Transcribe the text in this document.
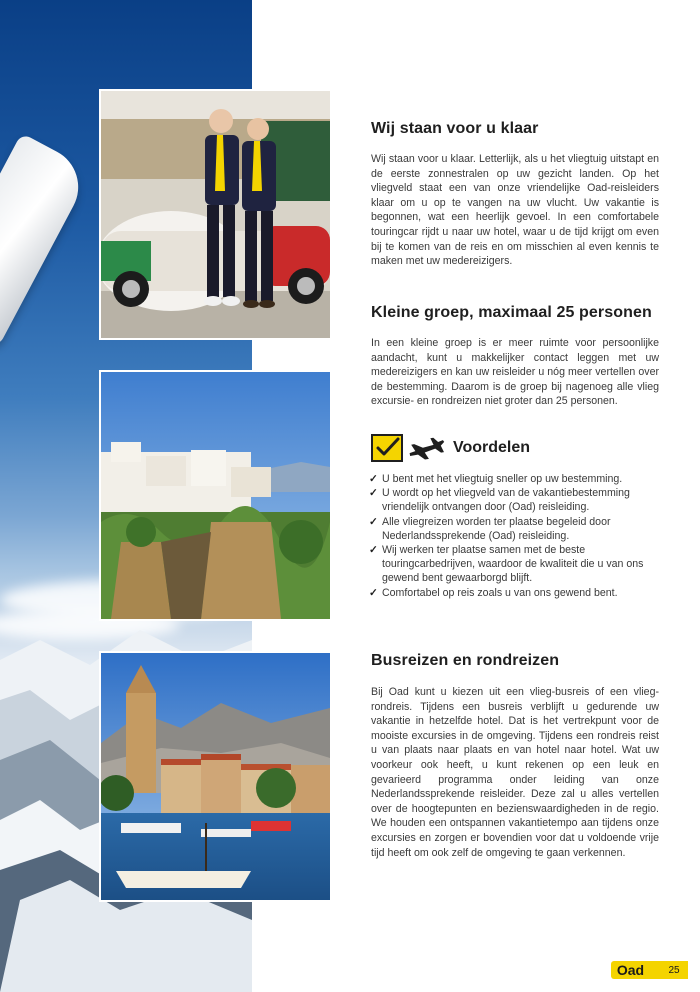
Wij staan voor u klaar

Wij staan voor u klaar. Letterlijk, als u het vliegtuig uitstapt en de eerste zonnestralen op uw gezicht landen. Op het vliegveld staat een van onze vriendelijke Oad-reisleiders klaar om u op te vangen na uw vlucht. Uw vakantie is begonnen, wat een heerlijk gevoel. In een comfortabele touringcar rijdt u naar uw hotel, waar u de tijd krijgt om even bij te komen van de reis en om misschien al even kennis te maken met uw medereizigers.

Kleine groep, maximaal 25 personen

In een kleine groep is er meer ruimte voor persoonlijke aandacht, kunt u makkelijker contact leggen met uw medereizigers en kan uw reisleider u nóg meer vertellen over de bestemming. Daarom is de groep bij nagenoeg alle vlieg excursie- en rondreizen niet groter dan 25 personen.

Voordelen
✓ U bent met het vliegtuig sneller op uw bestemming.
✓ U wordt op het vliegveld van de vakantiebestemming vriendelijk ontvangen door (Oad) reisleiding.
✓ Alle vliegreizen worden ter plaatse begeleid door Nederlandssprekende (Oad) reisleiding.
✓ Wij werken ter plaatse samen met de beste touringcarbedrijven, waardoor de kwaliteit die u van ons gewend bent gewaarborgd blijft.
✓ Comfortabel op reis zoals u van ons gewend bent.
Busreizen en rondreizen

Bij Oad kunt u kiezen uit een vlieg-busreis of een vlieg-rondreis. Tijdens een busreis verblijft u gedurende uw vakantie in hetzelfde hotel. Dat is het vertrekpunt voor de mooiste excursies in de omgeving. Tijdens een rondreis reist u van plaats naar plaats en van hotel naar hotel. Wat uw voorkeur ook heeft, u kunt rekenen op een leuk en gevarieerd programma onder leiding van onze Nederlandssprekende reisleider. Deze zal u alles vertellen over de hoogtepunten en bezienswaardigheden in de regio. We houden een ontspannen vakantietempo aan tijdens onze excursies en zorgen er bovendien voor dat u voldoende vrije tijd heeft om ook zelf de omgeving te gaan verkennen.

25
Oad
